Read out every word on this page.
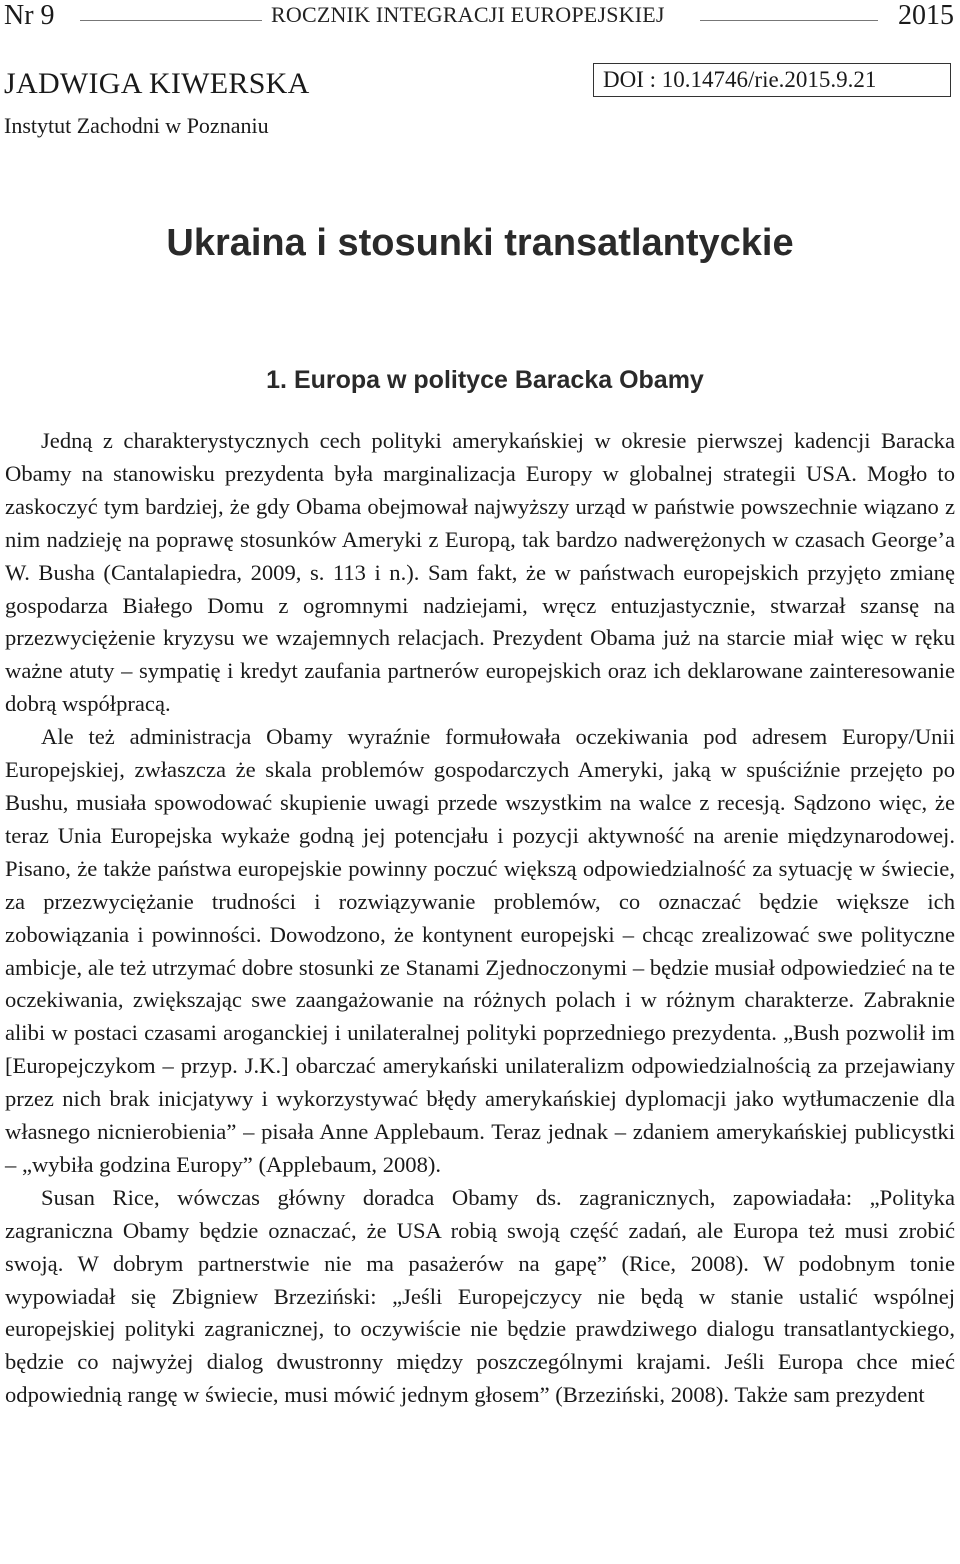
Nr 9	ROCZNIK INTEGRACJI EUROPEJSKIEJ	2015
JADWIGA KIWERSKA
Instytut Zachodni w Poznaniu
DOI : 10.14746/rie.2015.9.21
Ukraina i stosunki transatlantyckie
1. Europa w polityce Baracka Obamy

Jedną z charakterystycznych cech polityki amerykańskiej w okresie pierwszej kadencji Baracka Obamy na stanowisku prezydenta była marginalizacja Europy w globalnej strategii USA. Mogło to zaskoczyć tym bardziej, że gdy Obama obejmował najwyższy urząd w państwie powszechnie wiązano z nim nadzieję na poprawę stosunków Ameryki z Europą, tak bardzo nadwerężonych w czasach George’a W. Busha (Cantalapiedra, 2009, s. 113 i n.). Sam fakt, że w państwach europejskich przyjęto zmianę gospodarza Białego Domu z ogromnymi nadziejami, wręcz entuzjastycznie, stwarzał szansę na przezwyciężenie kryzysu we wzajemnych relacjach. Prezydent Obama już na starcie miał więc w ręku ważne atuty – sympatię i kredyt zaufania partnerów europejskich oraz ich deklarowane zainteresowanie dobrą współpracą.

Ale też administracja Obamy wyraźnie formułowała oczekiwania pod adresem Europy/Unii Europejskiej, zwłaszcza że skala problemów gospodarczych Ameryki, jaką w spuściźnie przejęto po Bushu, musiała spowodować skupienie uwagi przede wszystkim na walce z recesją. Sądzono więc, że teraz Unia Europejska wykaże godną jej potencjału i pozycji aktywność na arenie międzynarodowej. Pisano, że także państwa europejskie powinny poczuć większą odpowiedzialność za sytuację w świecie, za przezwyciężanie trudności i rozwiązywanie problemów, co oznaczać będzie większe ich zobowiązania i powinności. Dowodzono, że kontynent europejski – chcąc zrealizować swe polityczne ambicje, ale też utrzymać dobre stosunki ze Stanami Zjednoczonymi – będzie musiał odpowiedzieć na te oczekiwania, zwiększając swe zaangażowanie na różnych polach i w różnym charakterze. Zabraknie alibi w postaci czasami aroganckiej i unilateralnej polityki poprzedniego prezydenta. „Bush pozwolił im [Europejczykom – przyp. J.K.] obarczać amerykański unilateralizm odpowiedzialnością za przejawiany przez nich brak inicjatywy i wykorzystywać błędy amerykańskiej dyplomacji jako wytłumaczenie dla własnego nicnierobienia” – pisała Anne Applebaum. Teraz jednak – zdaniem amerykańskiej publicystki – „wybiła godzina Europy” (Applebaum, 2008).

Susan Rice, wówczas główny doradca Obamy ds. zagranicznych, zapowiadała: „Polityka zagraniczna Obamy będzie oznaczać, że USA robią swoją część zadań, ale Europa też musi zrobić swoją. W dobrym partnerstwie nie ma pasażerów na gapę” (Rice, 2008). W podobnym tonie wypowiadał się Zbigniew Brzeziński: „Jeśli Europejczycy nie będą w stanie ustalić wspólnej europejskiej polityki zagranicznej, to oczywiście nie będzie prawdziwego dialogu transatlantyckiego, będzie co najwyżej dialog dwustronny między poszczególnymi krajami. Jeśli Europa chce mieć odpowiednią rangę w świecie, musi mówić jednym głosem” (Brzeziński, 2008). Także sam prezydent
